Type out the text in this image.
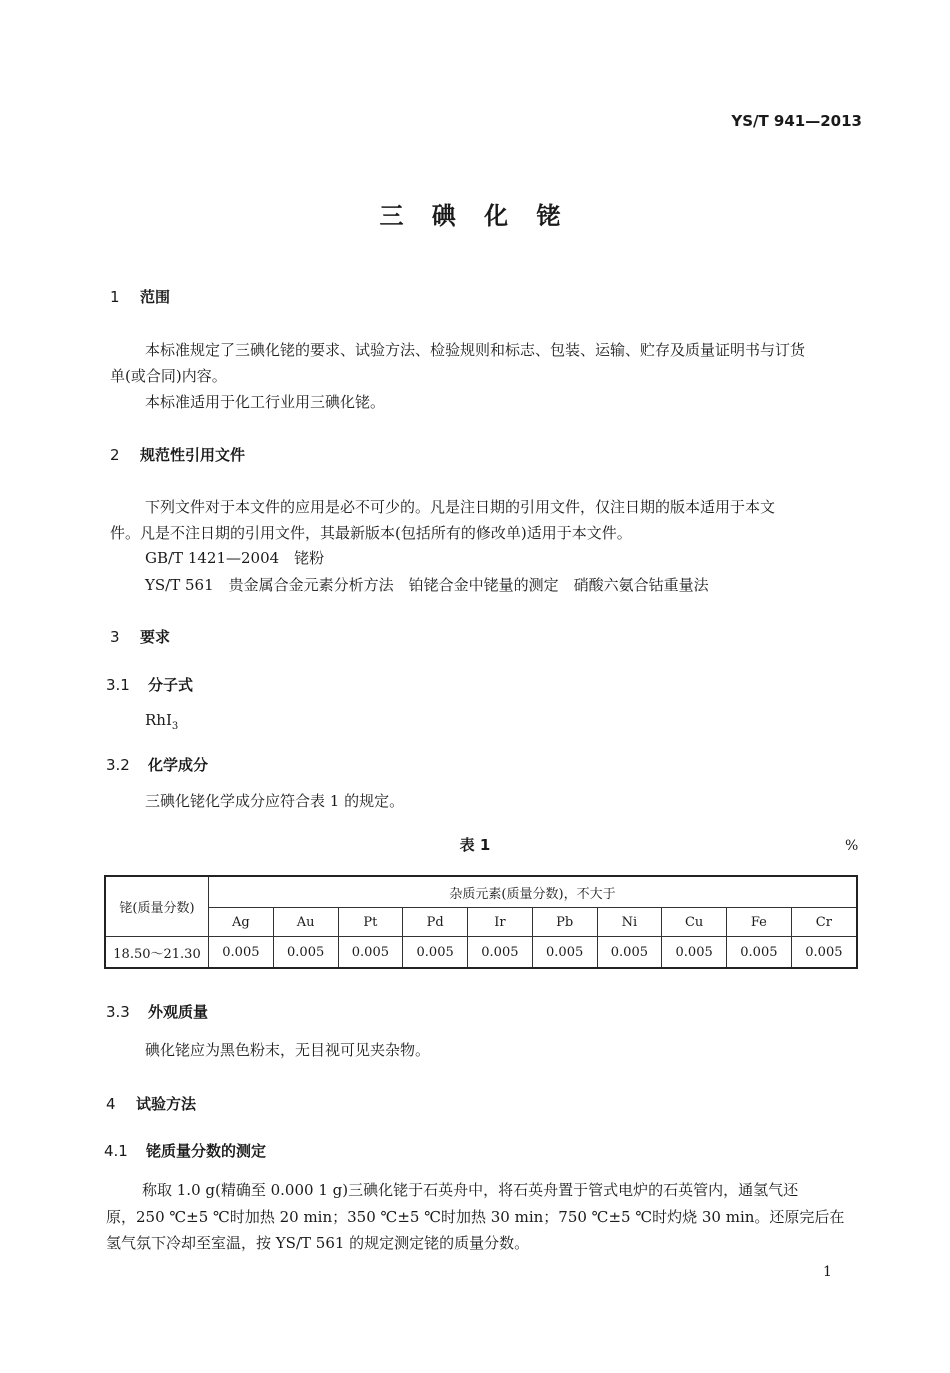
YS/T 941—2013
三 碘 化 铑
1 范围
本标准规定了三碘化铑的要求、试验方法、检验规则和标志、包装、运输、贮存及质量证明书与订货
单(或合同)内容。
本标准适用于化工行业用三碘化铑。
2 规范性引用文件
下列文件对于本文件的应用是必不可少的。凡是注日期的引用文件，仅注日期的版本适用于本文
件。凡是不注日期的引用文件，其最新版本(包括所有的修改单)适用于本文件。
GB/T 1421—2004　铑粉
YS/T 561　贵金属合金元素分析方法　铂铑合金中铑量的测定　硝酸六氨合钴重量法
3 要求
3.1 分子式
RhI$_3$
3.2 化学成分
三碘化铑化学成分应符合表 1 的规定。
表 1	%
铑(质量分数)	杂质元素(质量分数)，不大于									
	Ag	Au	Pt	Pd	Ir	Pb	Ni	Cu	Fe	Cr
18.50～21.30	0.005	0.005	0.005	0.005	0.005	0.005	0.005	0.005	0.005	0.005
3.3 外观质量
碘化铑应为黑色粉末，无目视可见夹杂物。
4 试验方法
4.1 铑质量分数的测定
称取 1.0 g(精确至 0.000 1 g)三碘化铑于石英舟中，将石英舟置于管式电炉的石英管内，通氢气还
原，250 ℃±5 ℃时加热 20 min；350 ℃±5 ℃时加热 30 min；750 ℃±5 ℃时灼烧 30 min。还原完后在
氢气氛下冷却至室温，按 YS/T 561 的规定测定铑的质量分数。
1
